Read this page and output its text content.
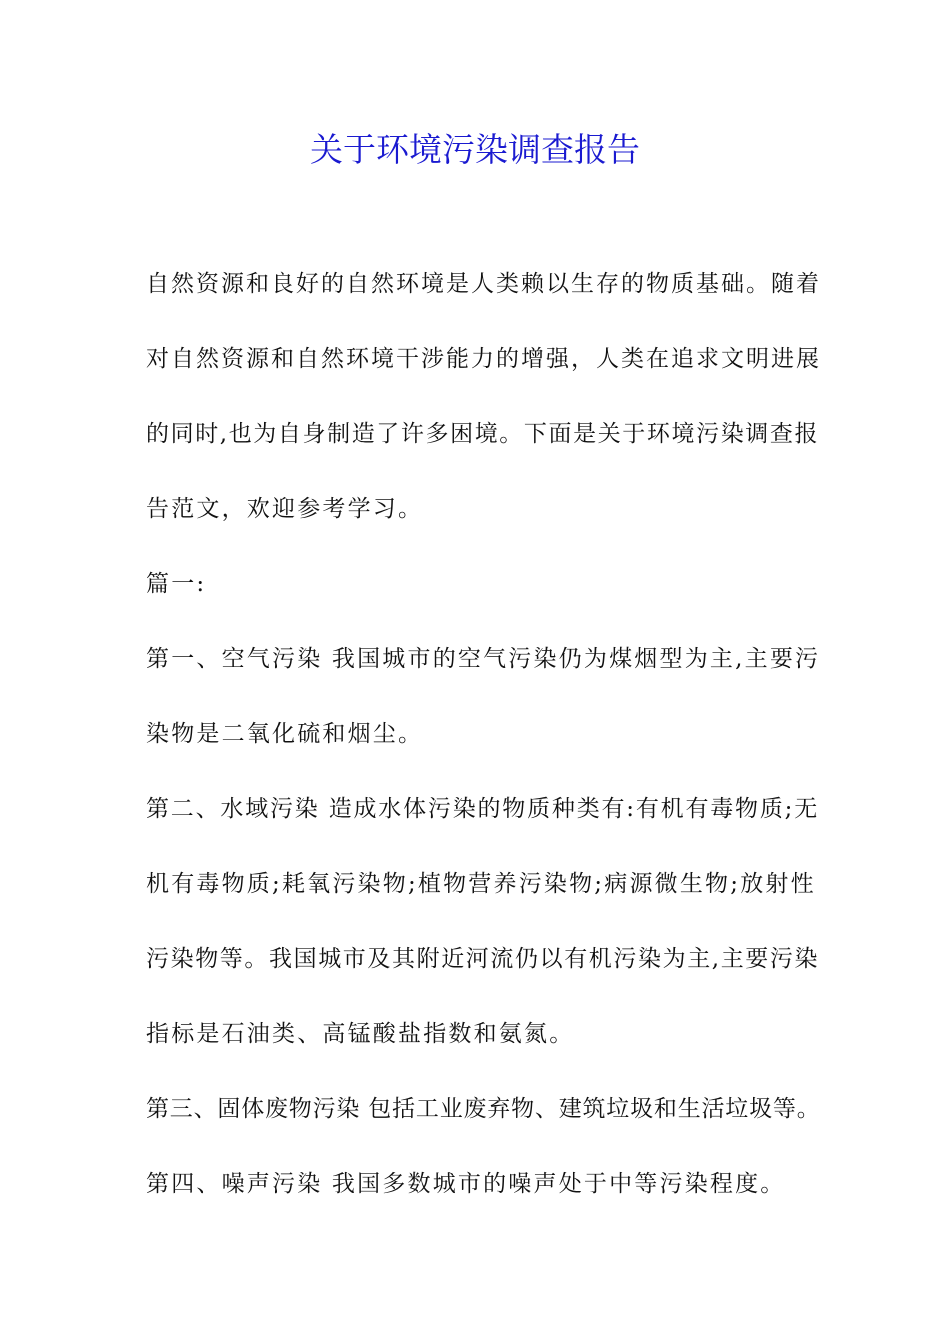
关于环境污染调查报告
自然资源和良好的自然环境是人类赖以生存的物质基础。随着
对自然资源和自然环境干涉能力的增强，人类在追求文明进展
的同时,也为自身制造了许多困境。下面是关于环境污染调查报
告范文，欢迎参考学习。
篇一:
第一、空气污染 我国城市的空气污染仍为煤烟型为主,主要污
染物是二氧化硫和烟尘。
第二、水域污染 造成水体污染的物质种类有:有机有毒物质;无
机有毒物质;耗氧污染物;植物营养污染物;病源微生物;放射性
污染物等。我国城市及其附近河流仍以有机污染为主,主要污染
指标是石油类、高锰酸盐指数和氨氮。
第三、固体废物污染 包括工业废弃物、建筑垃圾和生活垃圾等。
第四、噪声污染 我国多数城市的噪声处于中等污染程度。
